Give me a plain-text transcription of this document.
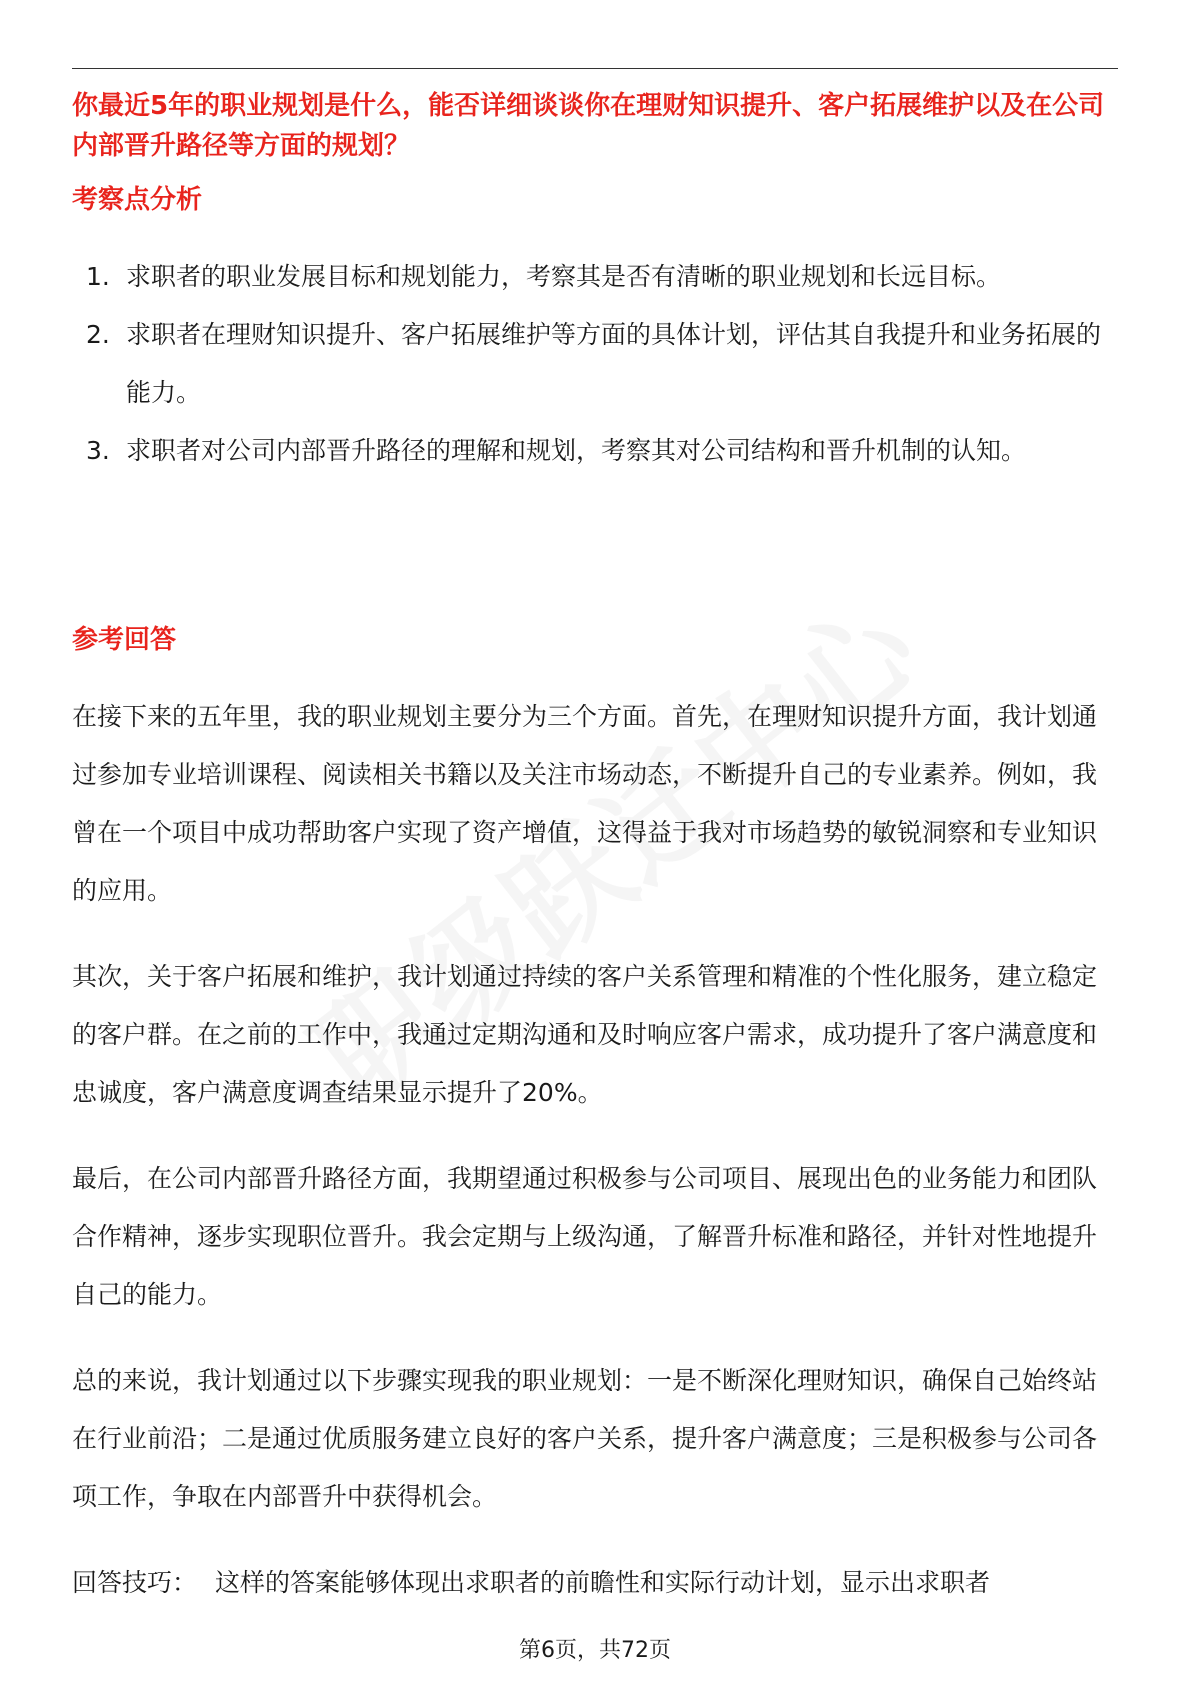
你最近5年的职业规划是什么，能否详细谈谈你在理财知识提升、客户拓展维护以及在公司内部晋升路径等方面的规划？
考察点分析
1. 求职者的职业发展目标和规划能力，考察其是否有清晰的职业规划和长远目标。
2. 求职者在理财知识提升、客户拓展维护等方面的具体计划，评估其自我提升和业务拓展的能力。
3. 求职者对公司内部晋升路径的理解和规划，考察其对公司结构和晋升机制的认知。
参考回答

在接下来的五年里，我的职业规划主要分为三个方面。首先，在理财知识提升方面，我计划通过参加专业培训课程、阅读相关书籍以及关注市场动态，不断提升自己的专业素养。例如，我曾在一个项目中成功帮助客户实现了资产增值，这得益于我对市场趋势的敏锐洞察和专业知识的应用。

其次，关于客户拓展和维护，我计划通过持续的客户关系管理和精准的个性化服务，建立稳定的客户群。在之前的工作中，我通过定期沟通和及时响应客户需求，成功提升了客户满意度和忠诚度，客户满意度调查结果显示提升了20%。

最后，在公司内部晋升路径方面，我期望通过积极参与公司项目、展现出色的业务能力和团队合作精神，逐步实现职位晋升。我会定期与上级沟通，了解晋升标准和路径，并针对性地提升自己的能力。

总的来说，我计划通过以下步骤实现我的职业规划：一是不断深化理财知识，确保自己始终站在行业前沿；二是通过优质服务建立良好的客户关系，提升客户满意度；三是积极参与公司各项工作，争取在内部晋升中获得机会。

回答技巧： 这样的答案能够体现出求职者的前瞻性和实际行动计划，显示出求职者

第6页，共72页
